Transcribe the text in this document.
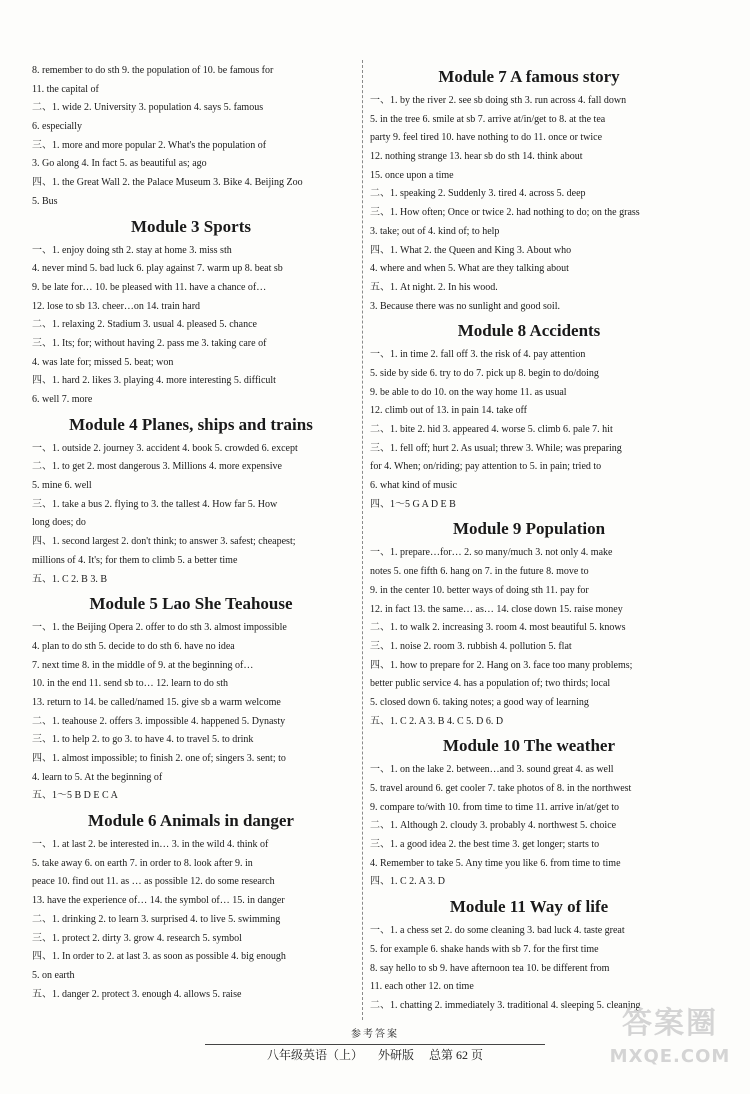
8. remember to do sth 9. the population of 10. be famous for
11. the capital of
二、1. wide 2. University 3. population 4. says 5. famous
6. especially
三、1. more and more popular 2. What's the population of
3. Go along 4. In fact 5. as beautiful as; ago
四、1. the Great Wall 2. the Palace Museum 3. Bike 4. Beijing Zoo
5. Bus
Module 3 Sports
一、1. enjoy doing sth 2. stay at home 3. miss sth
4. never mind 5. bad luck 6. play against 7. warm up 8. beat sb
9. be late for… 10. be pleased with 11. have a chance of…
12. lose to sb 13. cheer…on 14. train hard
二、1. relaxing 2. Stadium 3. usual 4. pleased 5. chance
三、1. Its; for; without having 2. pass me 3. taking care of
4. was late for; missed 5. beat; won
四、1. hard 2. likes 3. playing 4. more interesting 5. difficult
6. well 7. more
Module 4 Planes, ships and trains
一、1. outside 2. journey 3. accident 4. book 5. crowded 6. except
二、1. to get 2. most dangerous 3. Millions 4. more expensive
5. mine 6. well
三、1. take a bus 2. flying to 3. the tallest 4. How far 5. How
long does; do
四、1. second largest 2. don't think; to answer 3. safest; cheapest;
millions of 4. It's; for them to climb 5. a better time
五、1. C 2. B 3. B
Module 5 Lao She Teahouse
一、1. the Beijing Opera 2. offer to do sth 3. almost impossible
4. plan to do sth 5. decide to do sth 6. have no idea
7. next time 8. in the middle of 9. at the beginning of…
10. in the end 11. send sb to… 12. learn to do sth
13. return to 14. be called/named 15. give sb a warm welcome
二、1. teahouse 2. offers 3. impossible 4. happened 5. Dynasty
三、1. to help 2. to go 3. to have 4. to travel 5. to drink
四、1. almost impossible; to finish 2. one of; singers 3. sent; to
4. learn to 5. At the beginning of
五、1～5 B D E C A
Module 6 Animals in danger
一、1. at last 2. be interested in… 3. in the wild 4. think of
5. take away 6. on earth 7. in order to 8. look after 9. in
peace 10. find out 11. as … as possible 12. do some research
13. have the experience of… 14. the symbol of… 15. in danger
二、1. drinking 2. to learn 3. surprised 4. to live 5. swimming
三、1. protect 2. dirty 3. grow 4. research 5. symbol
四、1. In order to 2. at last 3. as soon as possible 4. big enough
5. on earth
五、1. danger 2. protect 3. enough 4. allows 5. raise
Module 7 A famous story
一、1. by the river 2. see sb doing sth 3. run across 4. fall down
5. in the tree 6. smile at sb 7. arrive at/in/get to 8. at the tea
party 9. feel tired 10. have nothing to do 11. once or twice
12. nothing strange 13. hear sb do sth 14. think about
15. once upon a time
二、1. speaking 2. Suddenly 3. tired 4. across 5. deep
三、1. How often; Once or twice 2. had nothing to do; on the grass
3. take; out of 4. kind of; to help
四、1. What 2. the Queen and King 3. About who
4. where and when 5. What are they talking about
五、1. At night. 2. In his wood.
3. Because there was no sunlight and good soil.
Module 8 Accidents
一、1. in time 2. fall off 3. the risk of 4. pay attention
5. side by side 6. try to do 7. pick up 8. begin to do/doing
9. be able to do 10. on the way home 11. as usual
12. climb out of 13. in pain 14. take off
二、1. bite 2. hid 3. appeared 4. worse 5. climb 6. pale 7. hit
三、1. fell off; hurt 2. As usual; threw 3. While; was preparing
for 4. When; on/riding; pay attention to 5. in pain; tried to
6. what kind of music
四、1～5 G A D E B
Module 9 Population
一、1. prepare…for… 2. so many/much 3. not only 4. make
notes 5. one fifth 6. hang on 7. in the future 8. move to
9. in the center 10. better ways of doing sth 11. pay for
12. in fact 13. the same… as… 14. close down 15. raise money
二、1. to walk 2. increasing 3. room 4. most beautiful 5. knows
三、1. noise 2. room 3. rubbish 4. pollution 5. flat
四、1. how to prepare for 2. Hang on 3. face too many problems;
better public service 4. has a population of; two thirds; local
5. closed down 6. taking notes; a good way of learning
五、1. C 2. A 3. B 4. C 5. D 6. D
Module 10 The weather
一、1. on the lake 2. between…and 3. sound great 4. as well
5. travel around 6. get cooler 7. take photos of 8. in the northwest
9. compare to/with 10. from time to time 11. arrive in/at/get to
二、1. Although 2. cloudy 3. probably 4. northwest 5. choice
三、1. a good idea 2. the best time 3. get longer; starts to
4. Remember to take 5. Any time you like 6. from time to time
四、1. C 2. A 3. D
Module 11 Way of life
一、1. a chess set 2. do some cleaning 3. bad luck 4. taste great
5. for example 6. shake hands with sb 7. for the first time
8. say hello to sb 9. have afternoon tea 10. be different from
11. each other 12. on time
二、1. chatting 2. immediately 3. traditional 4. sleeping 5. cleaning
参考答案
八年级英语（上） 外研版 总第 62 页
答案圈
MXQE.COM
